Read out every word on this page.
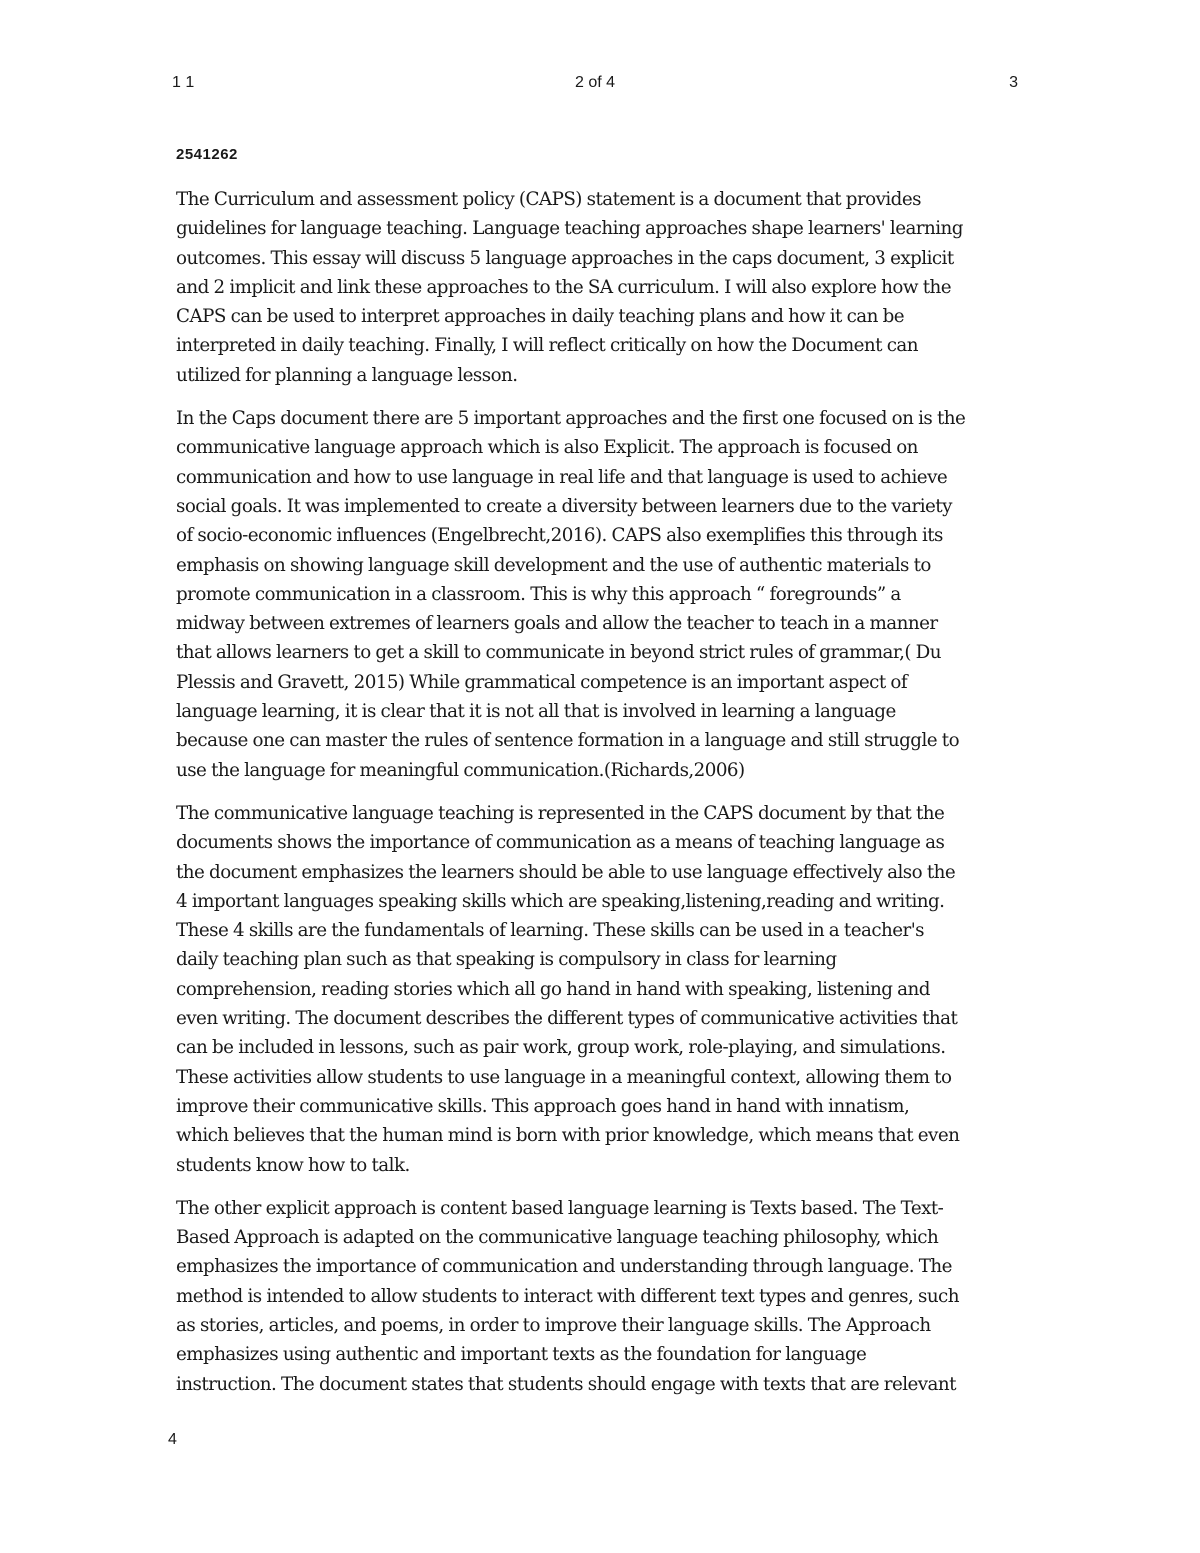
1 1	2 of 4	3
2541262

The Curriculum and assessment policy (CAPS) statement is a document that provides
guidelines for language teaching. Language teaching approaches shape learners' learning
outcomes. This essay will discuss 5 language approaches in the caps document, 3 explicit
and 2 implicit and link these approaches to the SA curriculum. I will also explore how the
CAPS can be used to interpret approaches in daily teaching plans and how it can be
interpreted in daily teaching. Finally, I will reflect critically on how the Document can
utilized for planning a language lesson.

In the Caps document there are 5 important approaches and the first one focused on is the
communicative language approach which is also Explicit. The approach is focused on
communication and how to use language in real life and that language is used to achieve
social goals. It was implemented to create a diversity between learners due to the variety
of socio-economic influences (Engelbrecht,2016). CAPS also exemplifies this through its
emphasis on showing language skill development and the use of authentic materials to
promote communication in a classroom. This is why this approach “ foregrounds” a
midway between extremes of learners goals and allow the teacher to teach in a manner
that allows learners to get a skill to communicate in beyond strict rules of grammar,( Du
Plessis and Gravett, 2015) While grammatical competence is an important aspect of
language learning, it is clear that it is not all that is involved in learning a language
because one can master the rules of sentence formation in a language and still struggle to
use the language for meaningful communication.(Richards,2006)

The communicative language teaching is represented in the CAPS document by that the
documents shows the importance of communication as a means of teaching language as
the document emphasizes the learners should be able to use language effectively also the
4 important languages speaking skills which are speaking,listening,reading and writing.
These 4 skills are the fundamentals of learning. These skills can be used in a teacher's
daily teaching plan such as that speaking is compulsory in class for learning
comprehension, reading stories which all go hand in hand with speaking, listening and
even writing. The document describes the different types of communicative activities that
can be included in lessons, such as pair work, group work, role-playing, and simulations.
These activities allow students to use language in a meaningful context, allowing them to
improve their communicative skills. This approach goes hand in hand with innatism,
which believes that the human mind is born with prior knowledge, which means that even
students know how to talk.

The other explicit approach is content based language learning is Texts based. The Text-
Based Approach is adapted on the communicative language teaching philosophy, which
emphasizes the importance of communication and understanding through language. The
method is intended to allow students to interact with different text types and genres, such
as stories, articles, and poems, in order to improve their language skills. The Approach
emphasizes using authentic and important texts as the foundation for language
instruction. The document states that students should engage with texts that are relevant

4
